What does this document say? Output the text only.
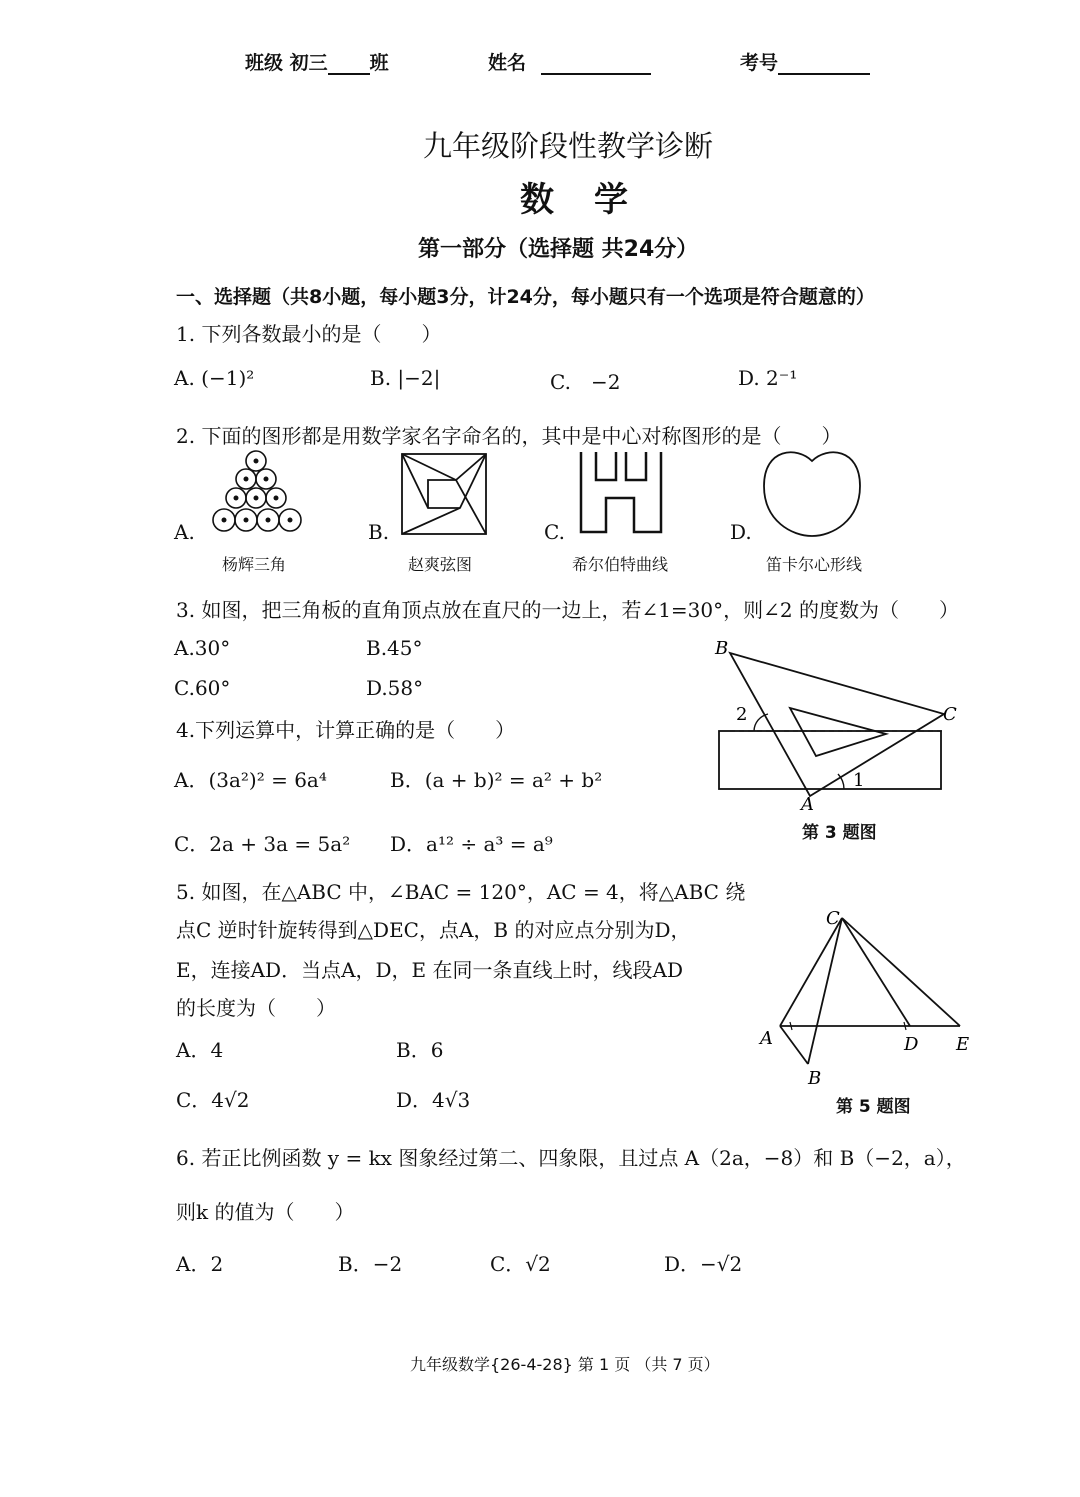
班级 初三 班	姓名	考号
九年级阶段性教学诊断
数学
第一部分（选择题 共24分）
一、选择题（共8小题，每小题3分，计24分，每小题只有一个选项是符合题意的）
1. 下列各数最小的是（　　）
A. (−1)²	B. |−2|	C.　−2	D. 2⁻¹
2. 下面的图形都是用数学家名字命名的，其中是中心对称图形的是（　　）
A.	B.	C.	D.
杨辉三角	赵爽弦图	希尔伯特曲线	笛卡尔心形线
3. 如图，把三角板的直角顶点放在直尺的一边上，若∠1=30°，则∠2 的度数为（　　）
A.30°	B.45°
C.60°	D.58°
B
C
A
1
2
第 3 题图
4.下列运算中，计算正确的是（　　）
A．(3a²)² = 6a⁴	B．(a + b)² = a² + b²
C．2a + 3a = 5a² D．a¹² ÷ a³ = a⁹
5. 如图，在△ABC 中，∠BAC = 120°，AC = 4，将△ABC 绕
点C 逆时针旋转得到△DEC，点A，B 的对应点分别为D，
E，连接AD．当点A，D，E 在同一条直线上时，线段AD
的长度为（　　）
A．4	B．6
C．4√2	D．4√3
C
A	D E
B
第 5 题图
6. 若正比例函数 y = kx 图象经过第二、四象限，且过点 A（2a，−8）和 B（−2，a），
则k 的值为（　　）
A．2	B．−2	C．√2	D．−√2
九年级数学{26-4-28} 第 1 页 （共 7 页）
